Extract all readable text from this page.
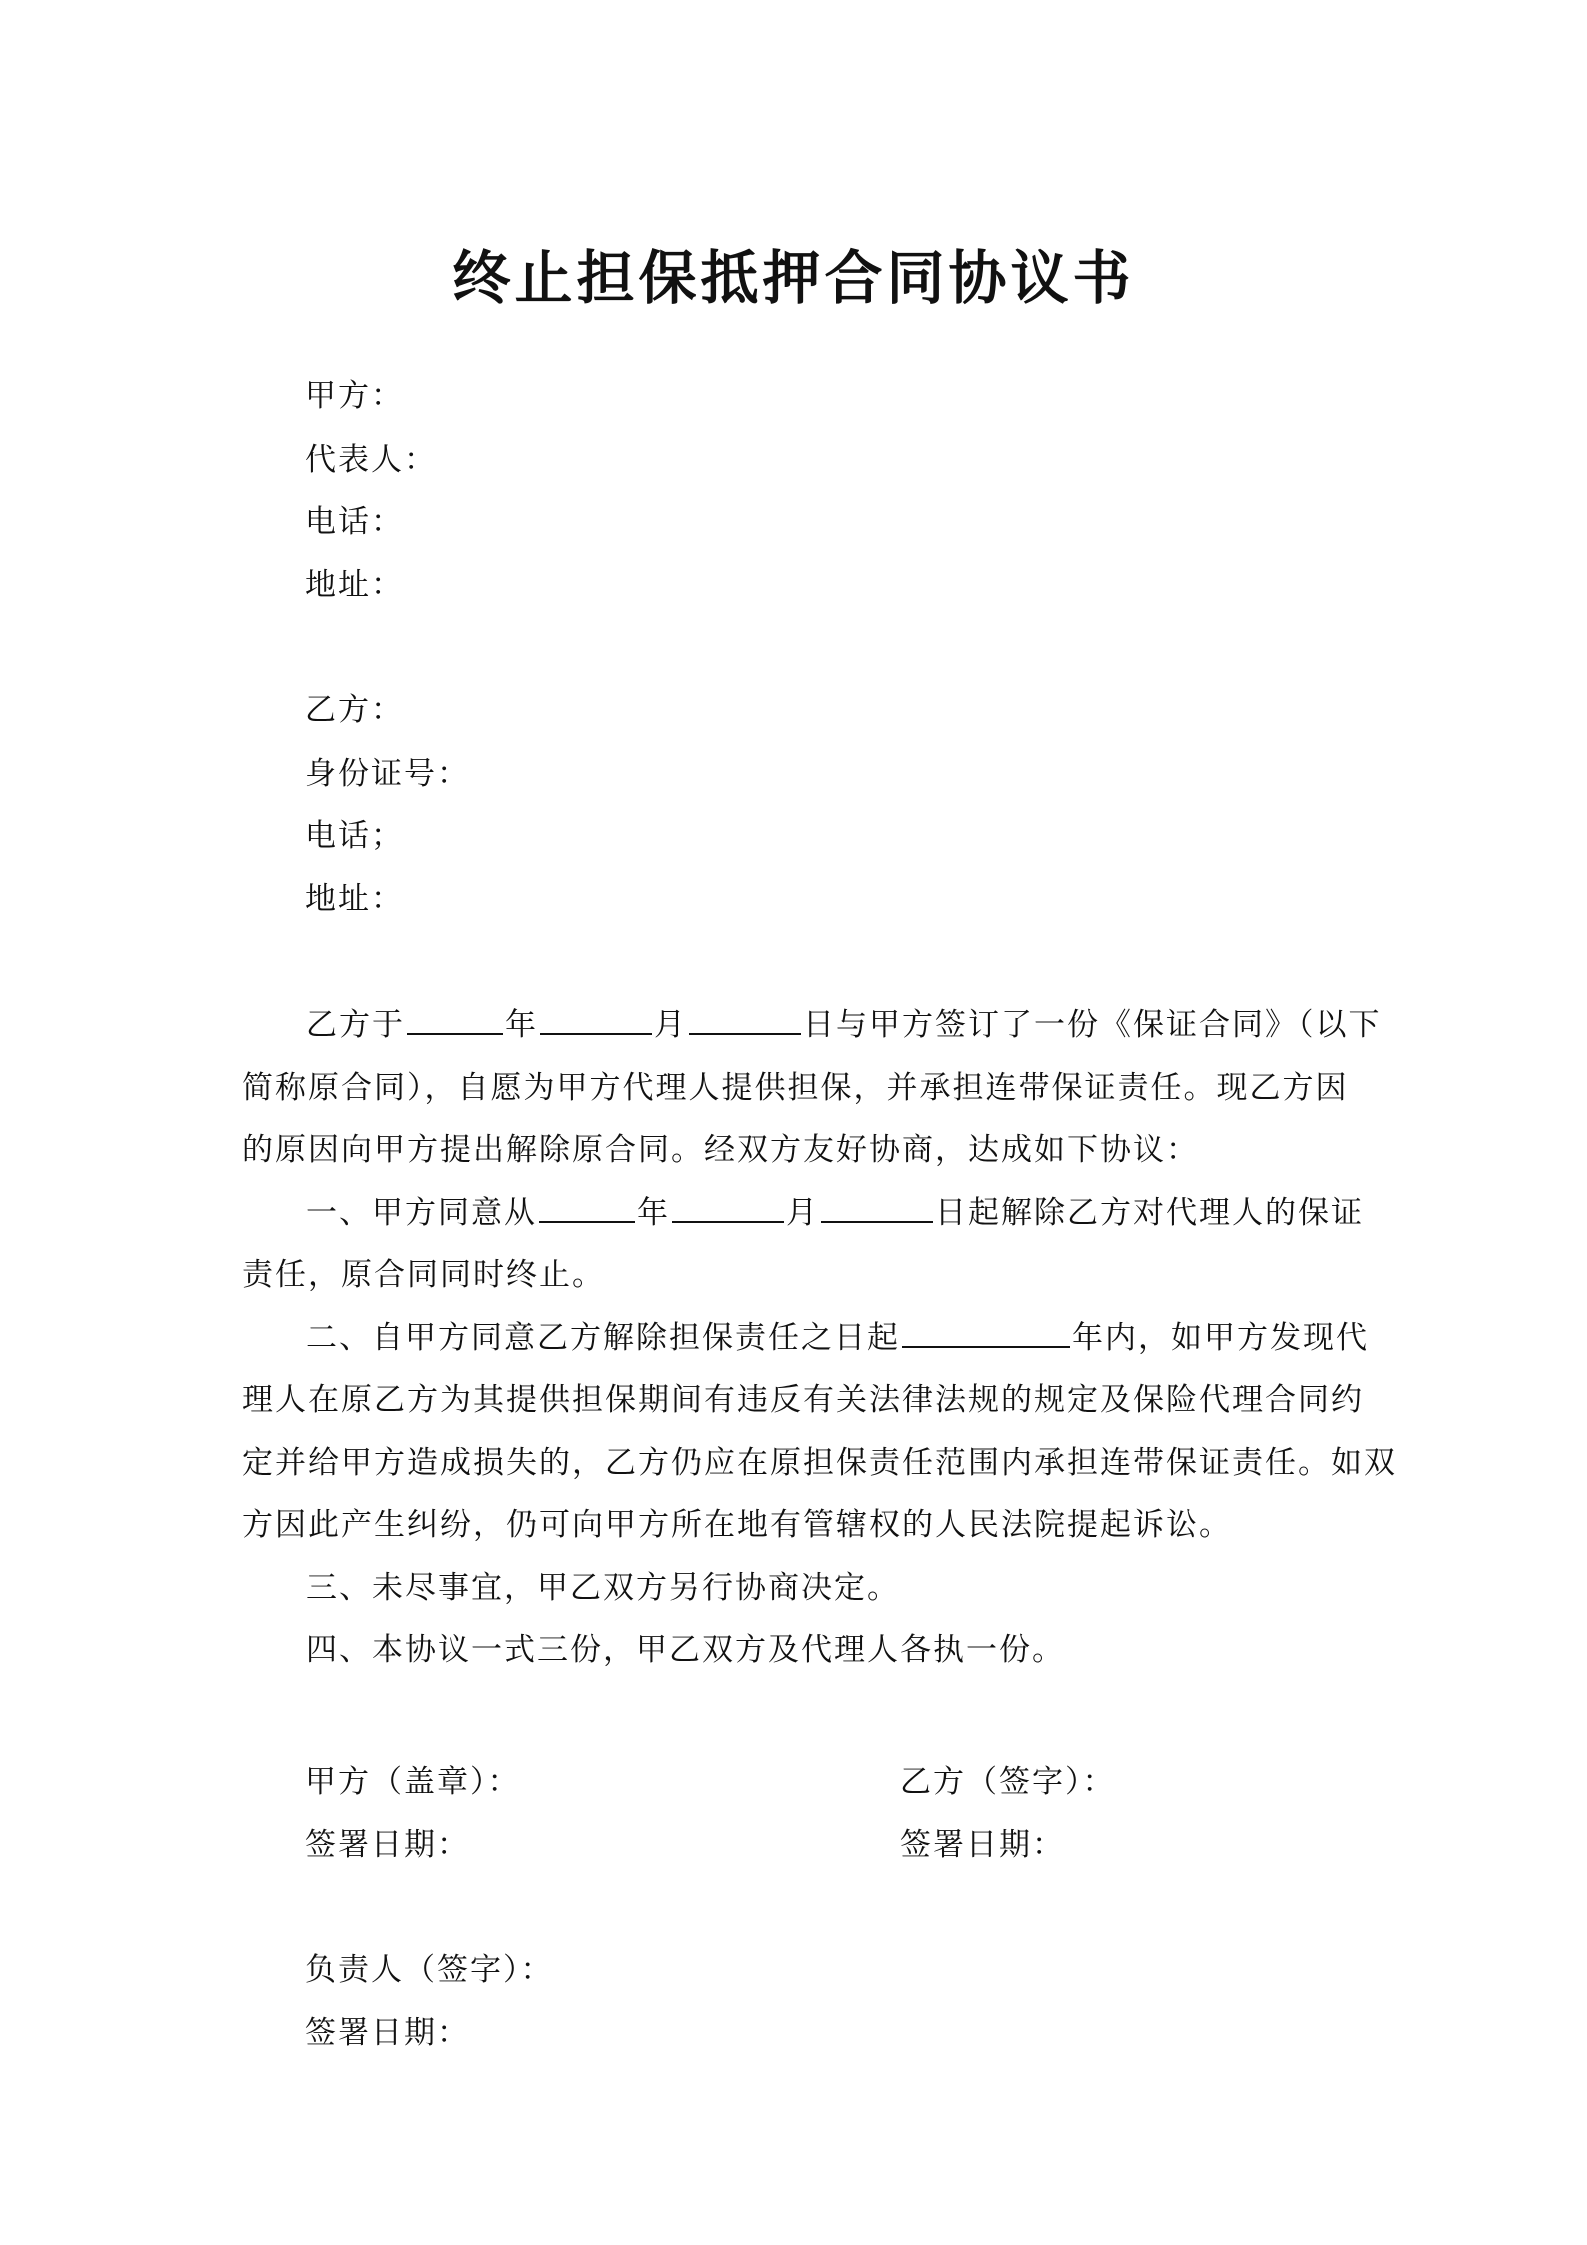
终止担保抵押合同协议书
甲方：
代表人：
电话：
地址：
乙方：
身份证号：
电话；
地址：
乙方于	年	月	日与甲方签订了一份《保证合同》（以下
简称原合同），自愿为甲方代理人提供担保，并承担连带保证责任。现乙方因
的原因向甲方提出解除原合同。经双方友好协商，达成如下协议：
一、甲方同意从	年	月	日起解除乙方对代理人的保证
责任，原合同同时终止。
二、自甲方同意乙方解除担保责任之日起	年内，如甲方发现代
理人在原乙方为其提供担保期间有违反有关法律法规的规定及保险代理合同约
定并给甲方造成损失的，乙方仍应在原担保责任范围内承担连带保证责任。如双
方因此产生纠纷，仍可向甲方所在地有管辖权的人民法院提起诉讼。
三、未尽事宜，甲乙双方另行协商决定。
四、本协议一式三份，甲乙双方及代理人各执一份。
甲方（盖章）：	乙方（签字）：
签署日期：	签署日期：
负责人（签字）：
签署日期：
